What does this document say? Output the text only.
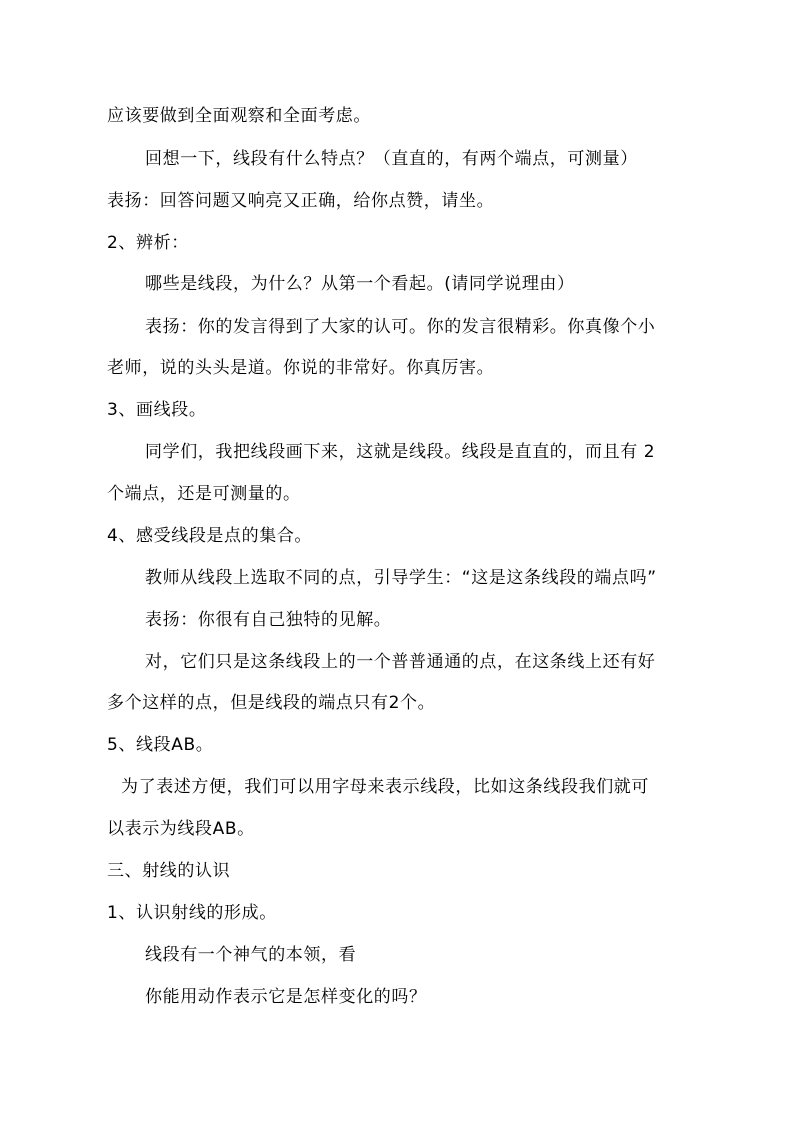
应该要做到全面观察和全面考虑。
回想一下，线段有什么特点？（直直的，有两个端点，可测量）
表扬：回答问题又响亮又正确，给你点赞，请坐。
2、辨析：
哪些是线段，为什么？从第一个看起。(请同学说理由）
表扬：你的发言得到了大家的认可。你的发言很精彩。你真像个小
老师，说的头头是道。你说的非常好。你真厉害。
3、画线段。
同学们，我把线段画下来，这就是线段。线段是直直的，而且有 2
个端点，还是可测量的。
4、感受线段是点的集合。
教师从线段上选取不同的点，引导学生：“这是这条线段的端点吗”
表扬：你很有自己独特的见解。
对，它们只是这条线段上的一个普普通通的点，在这条线上还有好
多个这样的点，但是线段的端点只有2个。
5、线段AB。
为了表述方便，我们可以用字母来表示线段，比如这条线段我们就可
以表示为线段AB。
三、射线的认识
1、认识射线的形成。
线段有一个神气的本领，看
你能用动作表示它是怎样变化的吗？
